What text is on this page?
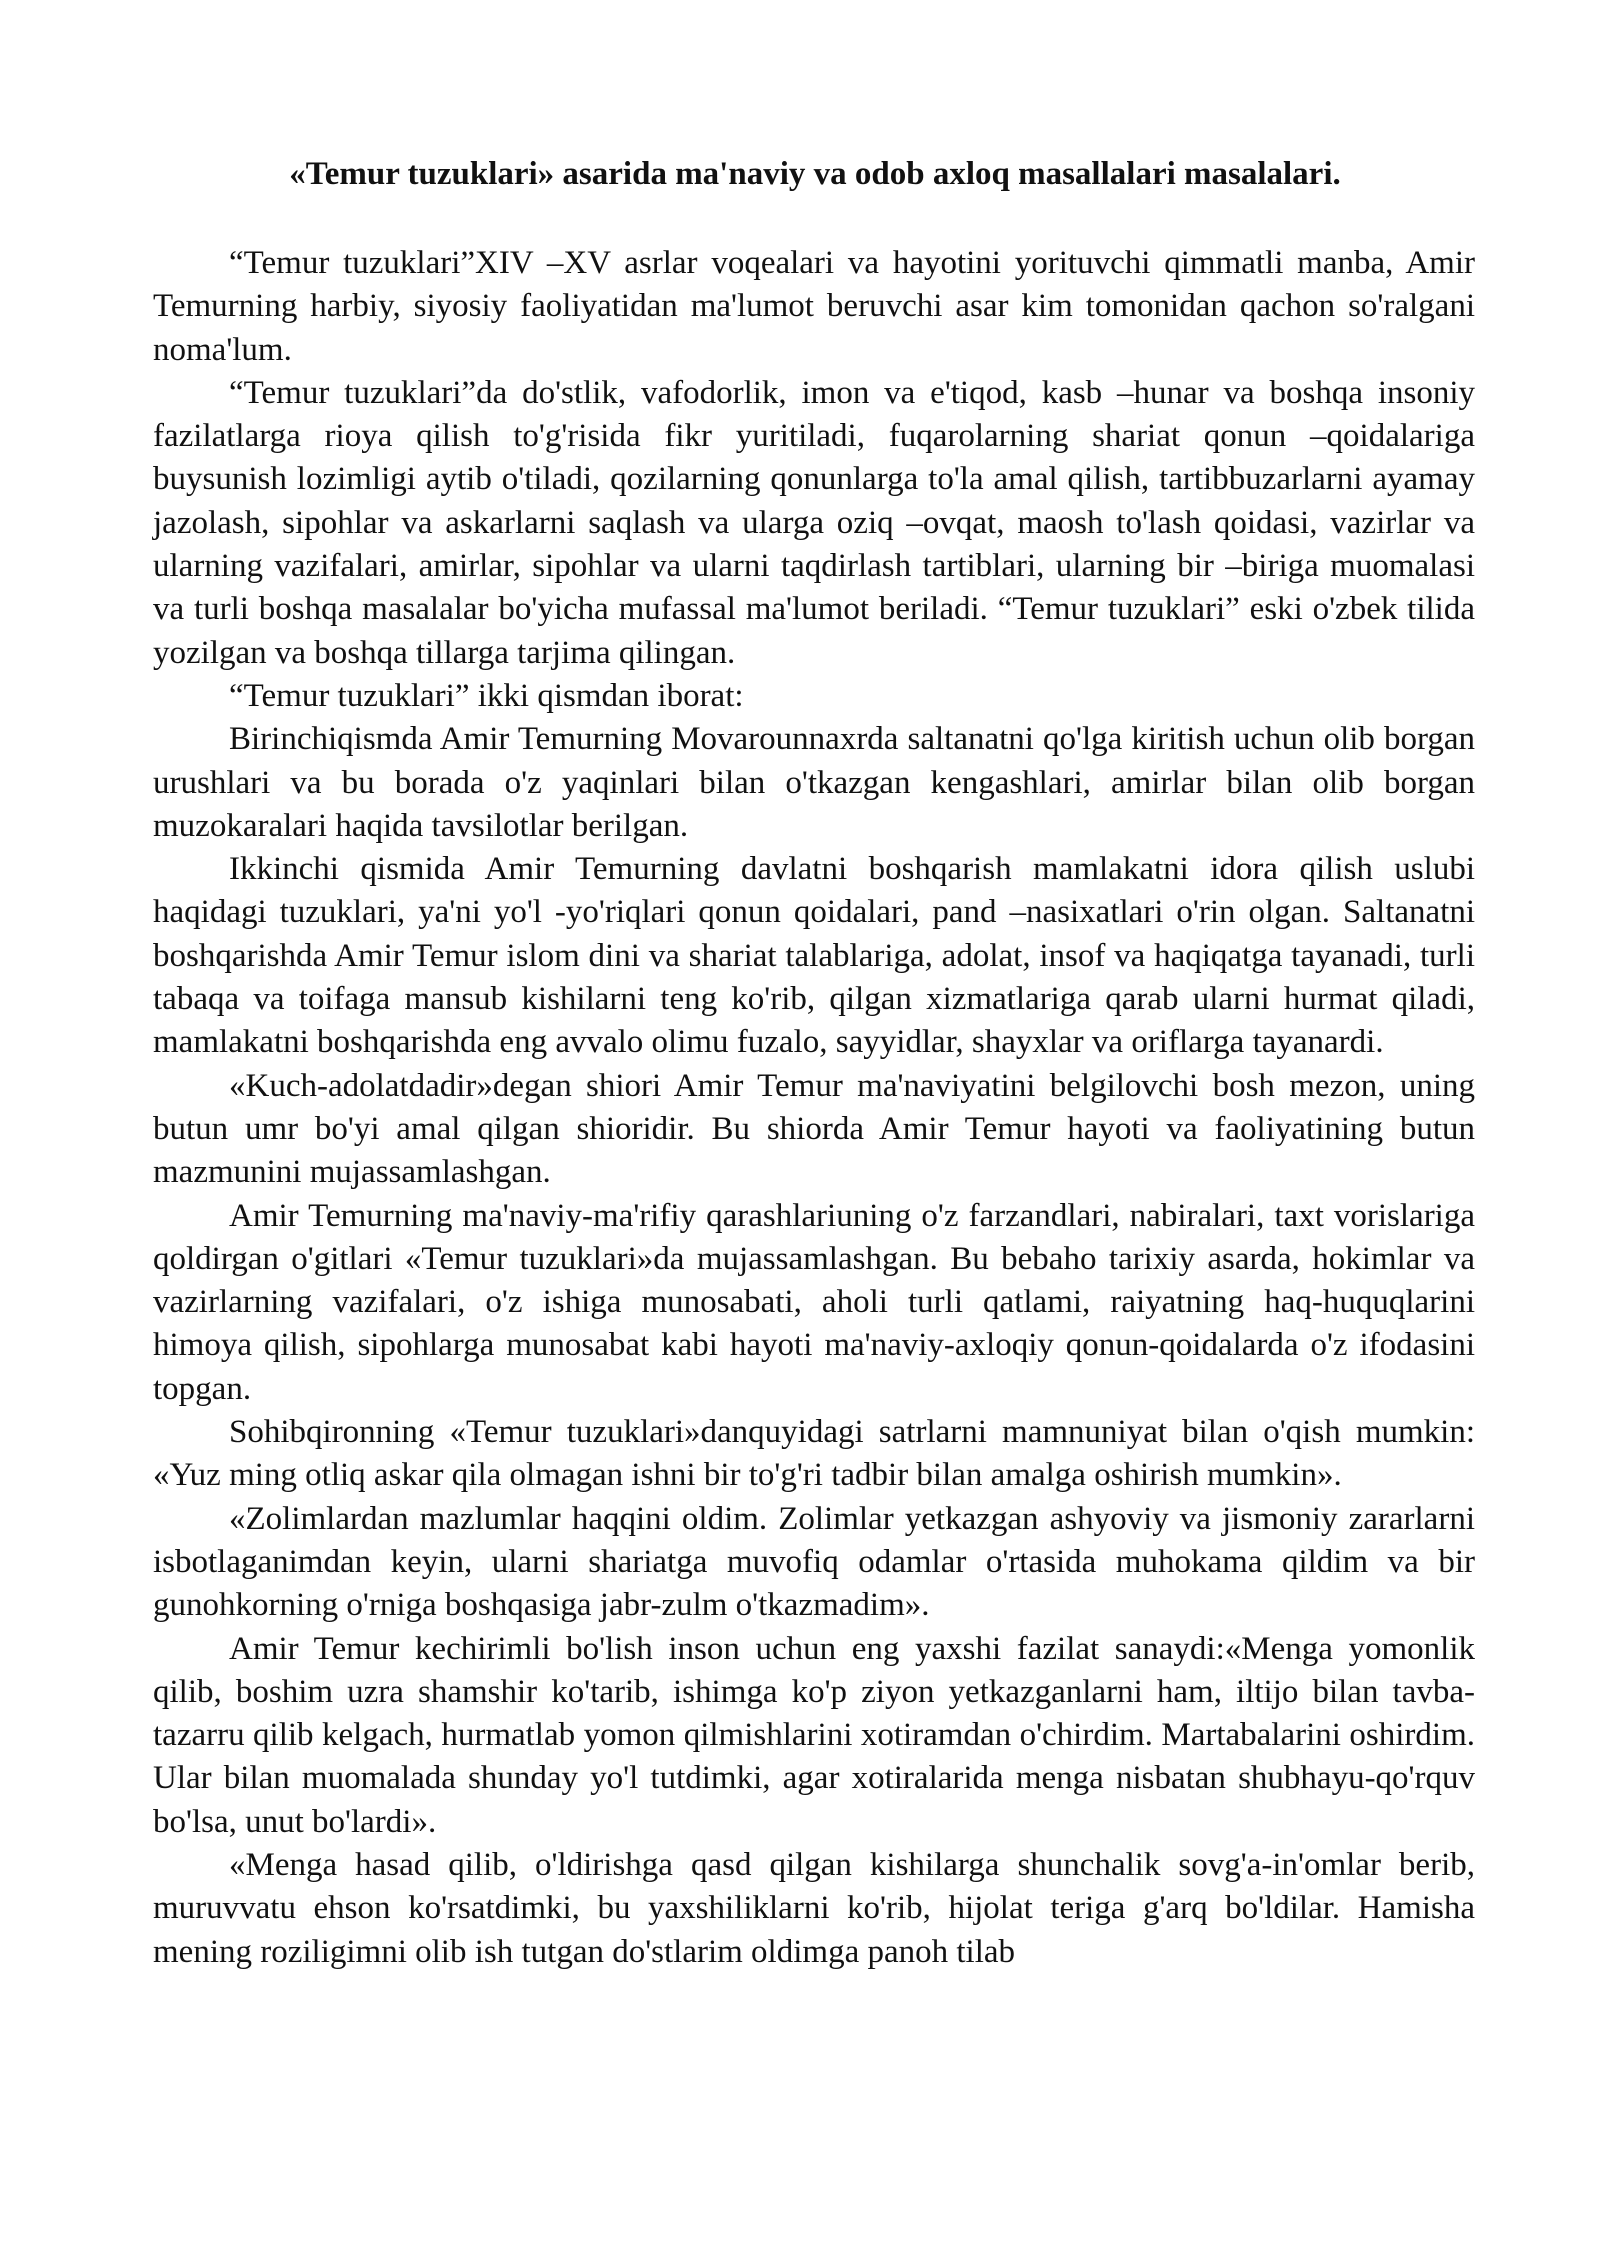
«Temur tuzuklari» asarida ma'naviy va odob axloq masallalari masalalari.

“Temur tuzuklari”XIV –XV asrlar voqealari va hayotini yorituvchi qimmatli manba, Amir Temurning harbiy, siyosiy faoliyatidan ma'lumot beruvchi asar kim tomonidan qachon so'ralgani noma'lum.

“Temur tuzuklari”da do'stlik, vafodorlik, imon va e'tiqod, kasb –hunar va boshqa insoniy fazilatlarga rioya qilish to'g'risida fikr yuritiladi, fuqarolarning shariat qonun –qoidalariga buysunish lozimligi aytib o'tiladi, qozilarning qonunlarga to'la amal qilish, tartibbuzarlarni ayamay jazolash, sipohlar va askarlarni saqlash va ularga oziq –ovqat, maosh to'lash qoidasi, vazirlar va ularning vazifalari, amirlar, sipohlar va ularni taqdirlash tartiblari, ularning bir –biriga muomalasi va turli boshqa masalalar bo'yicha mufassal ma'lumot beriladi. “Temur tuzuklari” eski o'zbek tilida yozilgan va boshqa tillarga tarjima qilingan.

“Temur tuzuklari” ikki qismdan iborat:

Birinchiqismda Amir Temurning Movarounnaxrda saltanatni qo'lga kiritish uchun olib borgan urushlari va bu borada o'z yaqinlari bilan o'tkazgan kengashlari, amirlar bilan olib borgan muzokaralari haqida tavsilotlar berilgan.

Ikkinchi qismida Amir Temurning davlatni boshqarish mamlakatni idora qilish uslubi haqidagi tuzuklari, ya'ni yo'l -yo'riqlari qonun qoidalari, pand –nasixatlari o'rin olgan. Saltanatni boshqarishda Amir Temur islom dini va shariat talablariga, adolat, insof va haqiqatga tayanadi, turli tabaqa va toifaga mansub kishilarni teng ko'rib, qilgan xizmatlariga qarab ularni hurmat qiladi, mamlakatni boshqarishda eng avvalo olimu fuzalo, sayyidlar, shayxlar va oriflarga tayanardi.

«Kuch-adolatdadir»degan shiori Amir Temur ma'naviyatini belgilovchi bosh mezon, uning butun umr bo'yi amal qilgan shioridir. Bu shiorda Amir Temur hayoti va faoliyatining butun mazmunini mujassamlashgan.

Amir Temurning ma'naviy-ma'rifiy qarashlariuning o'z farzandlari, nabiralari, taxt vorislariga qoldirgan o'gitlari «Temur tuzuklari»da mujassamlashgan. Bu bebaho tarixiy asarda, hokimlar va vazirlarning vazifalari, o'z ishiga munosabati, aholi turli qatlami, raiyatning haq-huquqlarini himoya qilish, sipohlarga munosabat kabi hayoti ma'naviy-axloqiy qonun-qoidalarda o'z ifodasini topgan.

Sohibqironning «Temur tuzuklari»danquyidagi satrlarni mamnuniyat bilan o'qish mumkin: «Yuz ming otliq askar qila olmagan ishni bir to'g'ri tadbir bilan amalga oshirish mumkin».

«Zolimlardan mazlumlar haqqini oldim. Zolimlar yetkazgan ashyoviy va jismoniy zararlarni isbotlaganimdan keyin, ularni shariatga muvofiq odamlar o'rtasida muhokama qildim va bir gunohkorning o'rniga boshqasiga jabr-zulm o'tkazmadim».

Amir Temur kechirimli bo'lish inson uchun eng yaxshi fazilat sanaydi:«Menga yomonlik qilib, boshim uzra shamshir ko'tarib, ishimga ko'p ziyon yetkazganlarni ham, iltijo bilan tavba-tazarru qilib kelgach, hurmatlab yomon qilmishlarini xotiramdan o'chirdim. Martabalarini oshirdim. Ular bilan muomalada shunday yo'l tutdimki, agar xotiralarida menga nisbatan shubhayu-qo'rquv bo'lsa, unut bo'lardi».

«Menga hasad qilib, o'ldirishga qasd qilgan kishilarga shunchalik sovg'a-in'omlar berib, muruvvatu ehson ko'rsatdimki, bu yaxshiliklarni ko'rib, hijolat teriga g'arq bo'ldilar. Hamisha mening roziligimni olib ish tutgan do'stlarim oldimga panoh tilab
